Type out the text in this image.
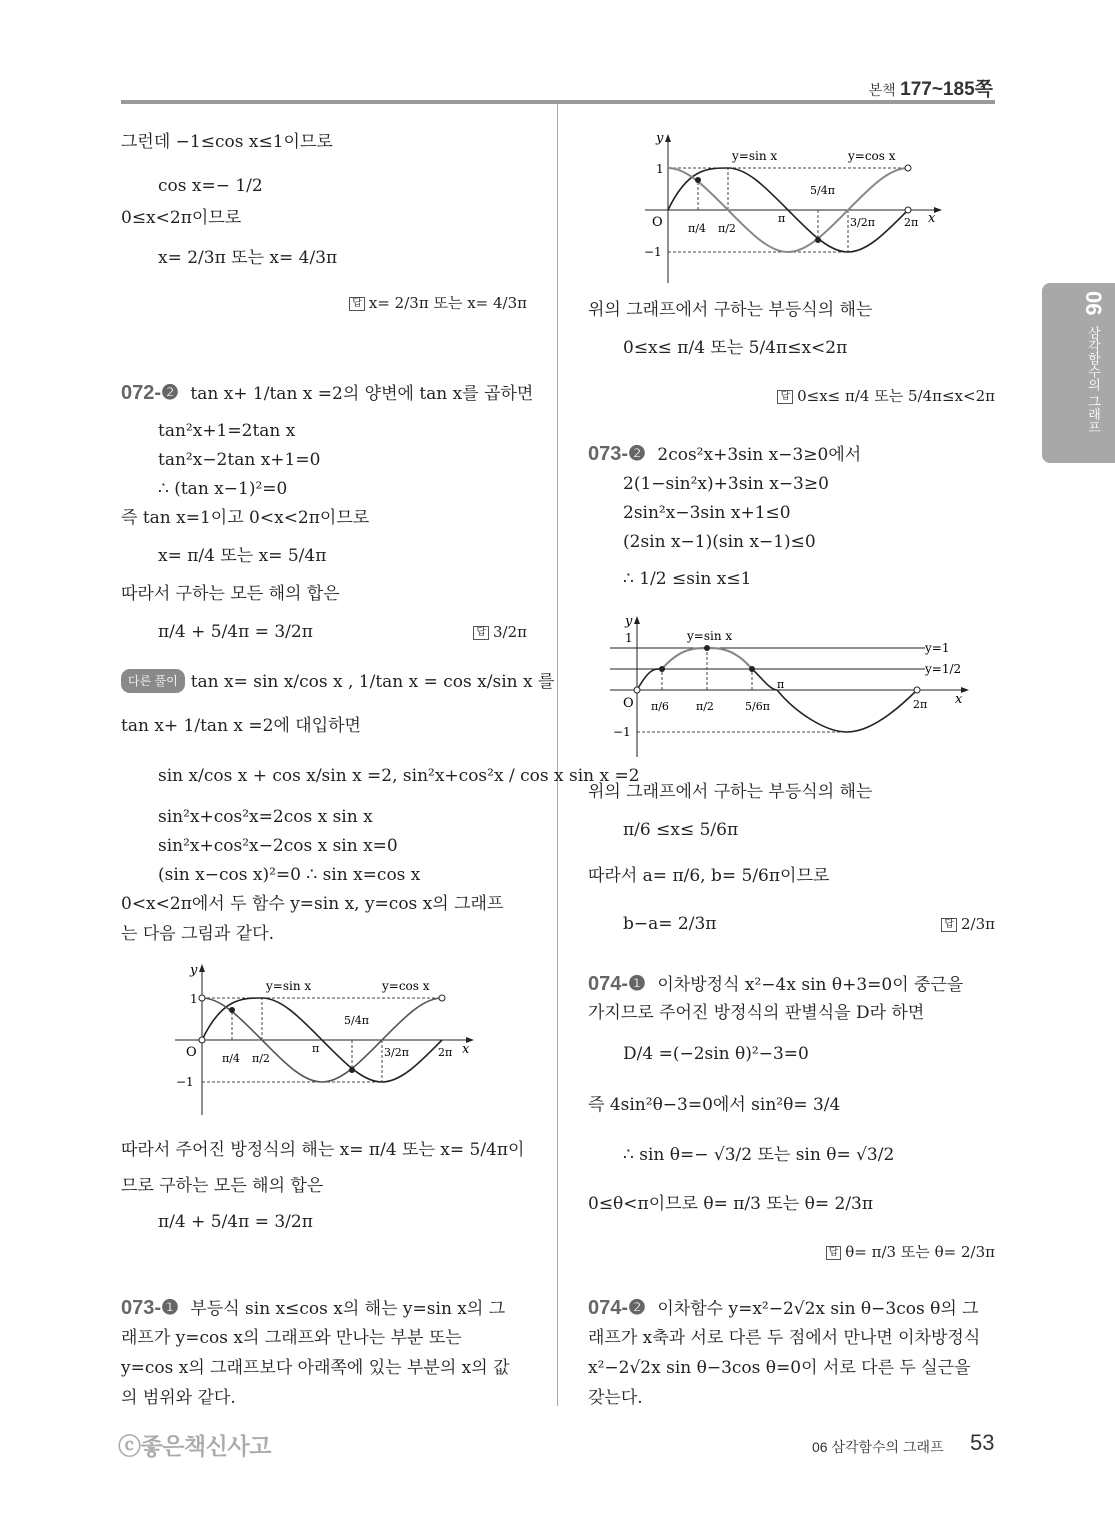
본책 177~185쪽
06 삼각함수의 그래프
그런데 −1≤cos x≤1이므로
cos x=− 1/2
0≤x<2π이므로
x= 2/3π 또는 x= 4/3π
답 x= 2/3π 또는 x= 4/3π
072-❷ tan x+ 1/tan x =2의 양변에 tan x를 곱하면
tan²x+1=2tan x
tan²x−2tan x+1=0
∴ (tan x−1)²=0
즉 tan x=1이고 0<x<2π이므로
x= π/4 또는 x= 5/4π
따라서 구하는 모든 해의 합은
π/4 + 5/4π = 3/2π	답 3/2π
다른 풀이 tan x= sin x/cos x , 1/tan x = cos x/sin x 를
tan x+ 1/tan x =2에 대입하면
sin x/cos x + cos x/sin x =2, sin²x+cos²x / cos x sin x =2
sin²x+cos²x=2cos x sin x
sin²x+cos²x−2cos x sin x=0
(sin x−cos x)²=0 ∴ sin x=cos x
0<x<2π에서 두 함수 y=sin x, y=cos x의 그래프
는 다음 그림과 같다.
y
x
O
1
−1
y=sin x	y=cos x
π/4 π/2
π
5/4π
3/2π	2π
따라서 주어진 방정식의 해는 x= π/4 또는 x= 5/4π이
므로 구하는 모든 해의 합은
π/4 + 5/4π = 3/2π
073-❶ 부등식 sin x≤cos x의 해는 y=sin x의 그
래프가 y=cos x의 그래프와 만나는 부분 또는
y=cos x의 그래프보다 아래쪽에 있는 부분의 x의 값
의 범위와 같다.
y
x
O
1
−1
y=sin x	y=cos x
π/4 π/2
π
5/4π
3/2π	2π
위의 그래프에서 구하는 부등식의 해는
0≤x≤ π/4 또는 5/4π≤x<2π
답 0≤x≤ π/4 또는 5/4π≤x<2π
073-❷ 2cos²x+3sin x−3≥0에서
2(1−sin²x)+3sin x−3≥0
2sin²x−3sin x+1≤0
(2sin x−1)(sin x−1)≤0
∴ 1/2 ≤sin x≤1
y
x
O
1
−1
y=sin x
y=1
y=1/2
π/6 π/2	5/6π
π
2π
위의 그래프에서 구하는 부등식의 해는
π/6 ≤x≤ 5/6π
따라서 a= π/6, b= 5/6π이므로
b−a= 2/3π	답 2/3π
074-❶ 이차방정식 x²−4x sin θ+3=0이 중근을
가지므로 주어진 방정식의 판별식을 D라 하면
D/4 =(−2sin θ)²−3=0
즉 4sin²θ−3=0에서 sin²θ= 3/4
∴ sin θ=− √3/2 또는 sin θ= √3/2
0≤θ<π이므로 θ= π/3 또는 θ= 2/3π
답 θ= π/3 또는 θ= 2/3π
074-❷ 이차함수 y=x²−2√2x sin θ−3cos θ의 그
래프가 x축과 서로 다른 두 점에서 만나면 이차방정식
x²−2√2x sin θ−3cos θ=0이 서로 다른 두 실근을
갖는다.
ⓒ좋은책신사고	06 삼각함수의 그래프 53
